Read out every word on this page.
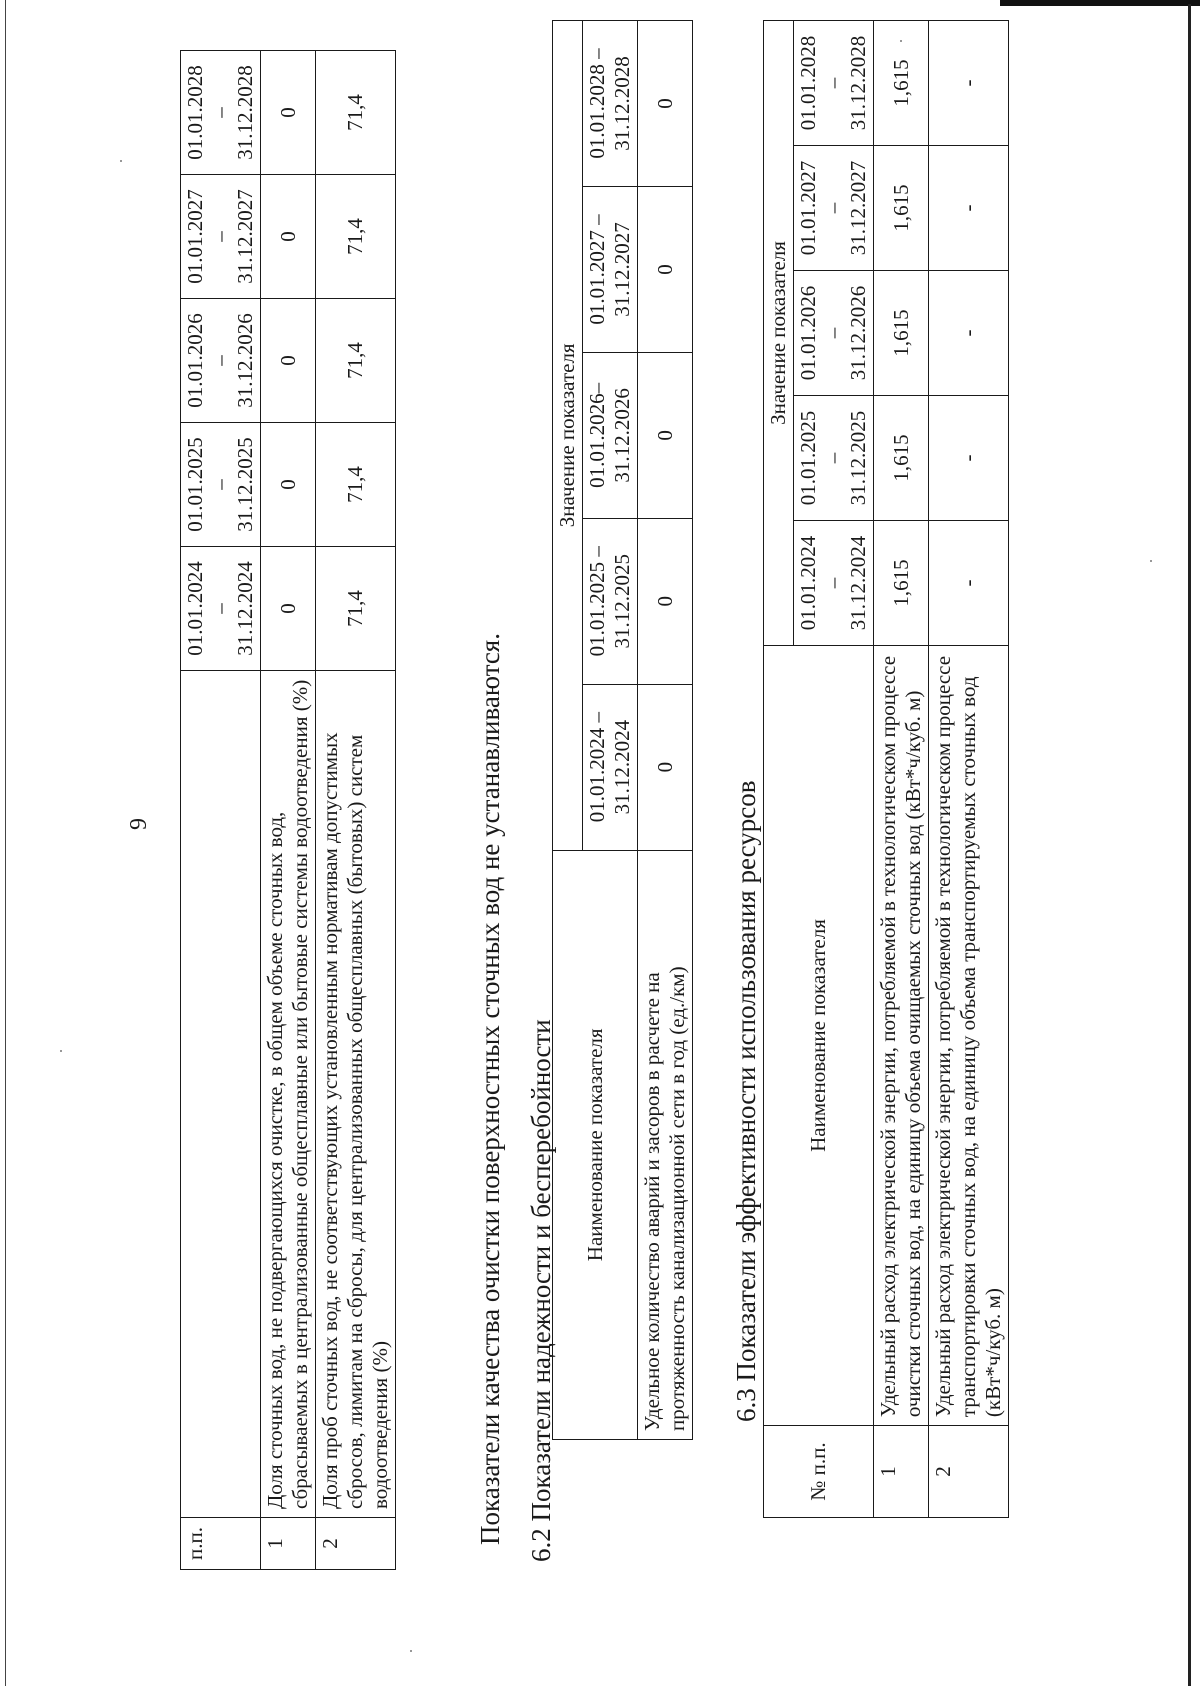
9
п.п.		01.01.2024
–
31.12.2024	01.01.2025
–
31.12.2025	01.01.2026
–
31.12.2026	01.01.2027
–
31.12.2027	01.01.2028
–
31.12.2028
1	Доля сточных вод, не подвергающихся очистке, в общем объеме сточных вод, сбрасываемых в централизованные общесплавные или бытовые системы водоотведения (%)	0	0	0	0	0
2	Доля проб сточных вод, не соответствующих установленным нормативам допустимых сбросов, лимитам на сбросы, для централизованных общесплавных (бытовых) систем водоотведения (%)	71,4	71,4	71,4	71,4	71,4
Показатели качества очистки поверхностных сточных вод не устанавливаются. 6.2 Показатели надежности и бесперебойности Наименование показателя	Значение показателя				
	01.01.2024 – 31.12.2024	01.01.2025 – 31.12.2025	01.01.2026– 31.12.2026	01.01.2027 – 31.12.2027	01.01.2028 – 31.12.2028
Удельное количество аварий и засоров в расчете на протяженность канализационной сети в год (ед./км)	0	0	0	0	0
6.3 Показатели эффективности использования ресурсов
№ п.п.	Наименование показателя	Значение показателя				
		01.01.2024
–
31.12.2024	01.01.2025
–
31.12.2025	01.01.2026
–
31.12.2026	01.01.2027
–
31.12.2027	01.01.2028
–
31.12.2028
1	Удельный расход электрической энергии, потребляемой в технологическом процессе очистки сточных вод, на единицу объема очищаемых сточных вод (кВт*ч/куб. м)	1,615	1,615	1,615	1,615	1,615
2	Удельный расход электрической энергии, потребляемой в технологическом процессе транспортировки сточных вод, на единицу объема транспортируемых сточных вод (кВт*ч/куб. м)	-	-	-	-	-
